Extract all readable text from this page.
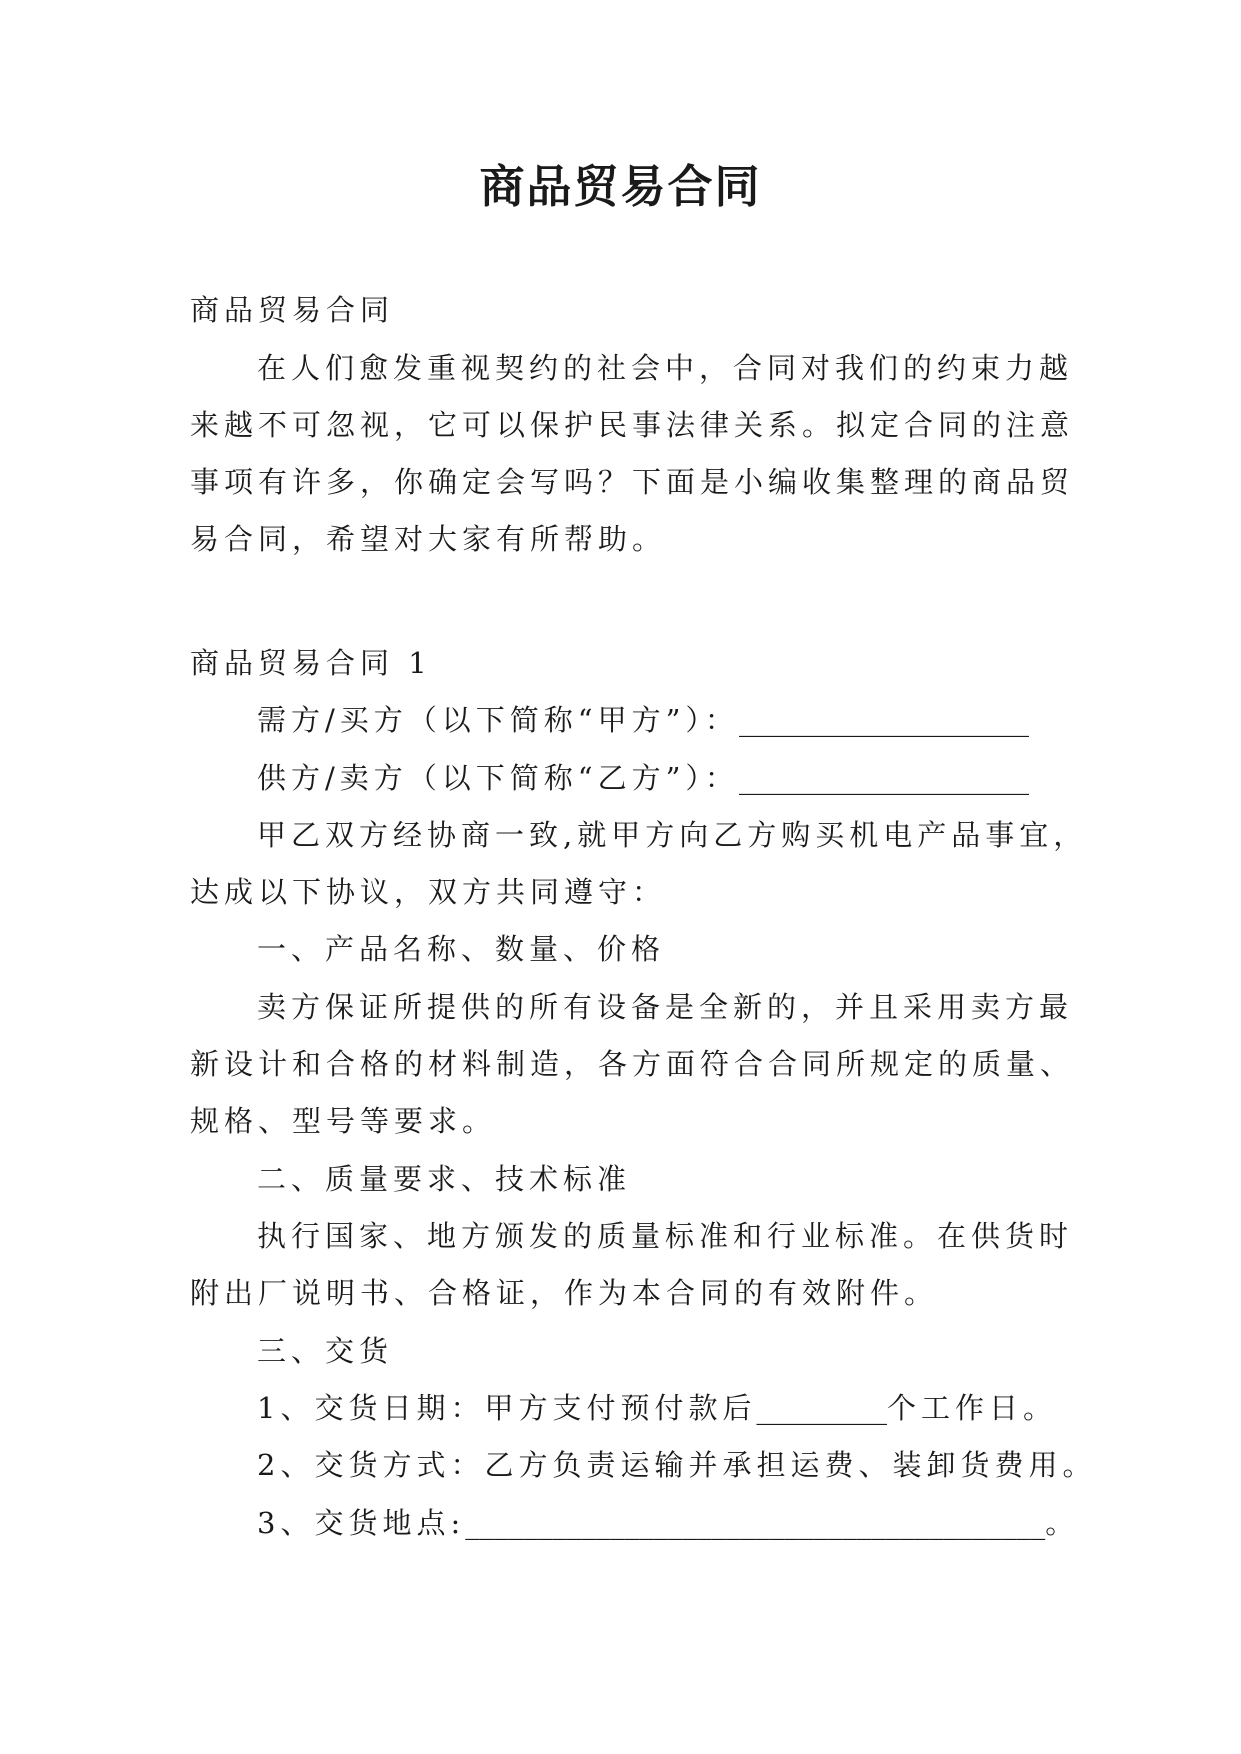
商品贸易合同

商品贸易合同

在人们愈发重视契约的社会中，合同对我们的约束力越

来越不可忽视，它可以保护民事法律关系。拟定合同的注意

事项有许多，你确定会写吗？下面是小编收集整理的商品贸

易合同，希望对大家有所帮助。

商品贸易合同 1

需方/买方（以下简称“甲方”）：____________________

供方/卖方（以下简称“乙方”）：____________________

甲乙双方经协商一致,就甲方向乙方购买机电产品事宜，

达成以下协议，双方共同遵守：

一、产品名称、数量、价格

卖方保证所提供的所有设备是全新的，并且采用卖方最

新设计和合格的材料制造，各方面符合合同所规定的质量、

规格、型号等要求。

二、质量要求、技术标准

执行国家、地方颁发的质量标准和行业标准。在供货时

附出厂说明书、合格证，作为本合同的有效附件。

三、交货

1、交货日期：甲方支付预付款后_________个工作日。

2、交货方式：乙方负责运输并承担运费、装卸货费用。

3、交货地点:________________________________________。
